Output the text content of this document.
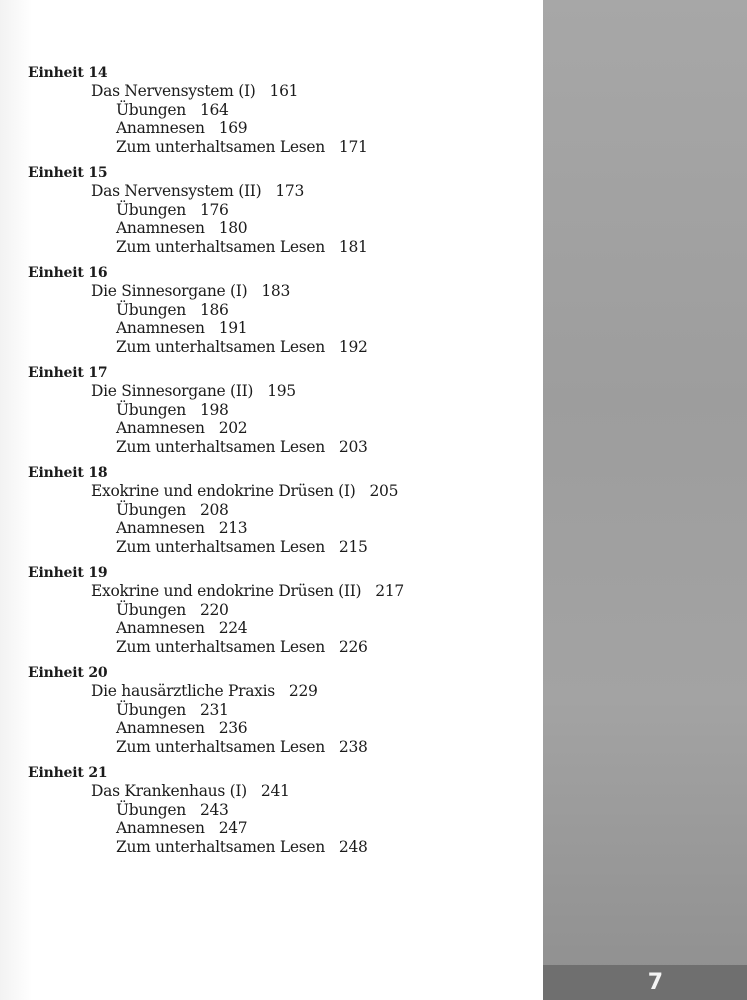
7
Einheit 14
Das Nervensystem (I) 161
Übungen 164
Anamnesen 169
Zum unterhaltsamen Lesen 171
Einheit 15
Das Nervensystem (II) 173
Übungen 176
Anamnesen 180
Zum unterhaltsamen Lesen 181
Einheit 16
Die Sinnesorgane (I) 183
Übungen 186
Anamnesen 191
Zum unterhaltsamen Lesen 192
Einheit 17
Die Sinnesorgane (II) 195
Übungen 198
Anamnesen 202
Zum unterhaltsamen Lesen 203
Einheit 18
Exokrine und endokrine Drüsen (I) 205
Übungen 208
Anamnesen 213
Zum unterhaltsamen Lesen 215
Einheit 19
Exokrine und endokrine Drüsen (II) 217
Übungen 220
Anamnesen 224
Zum unterhaltsamen Lesen 226
Einheit 20
Die hausärztliche Praxis 229
Übungen 231
Anamnesen 236
Zum unterhaltsamen Lesen 238
Einheit 21
Das Krankenhaus (I) 241
Übungen 243
Anamnesen 247
Zum unterhaltsamen Lesen 248
